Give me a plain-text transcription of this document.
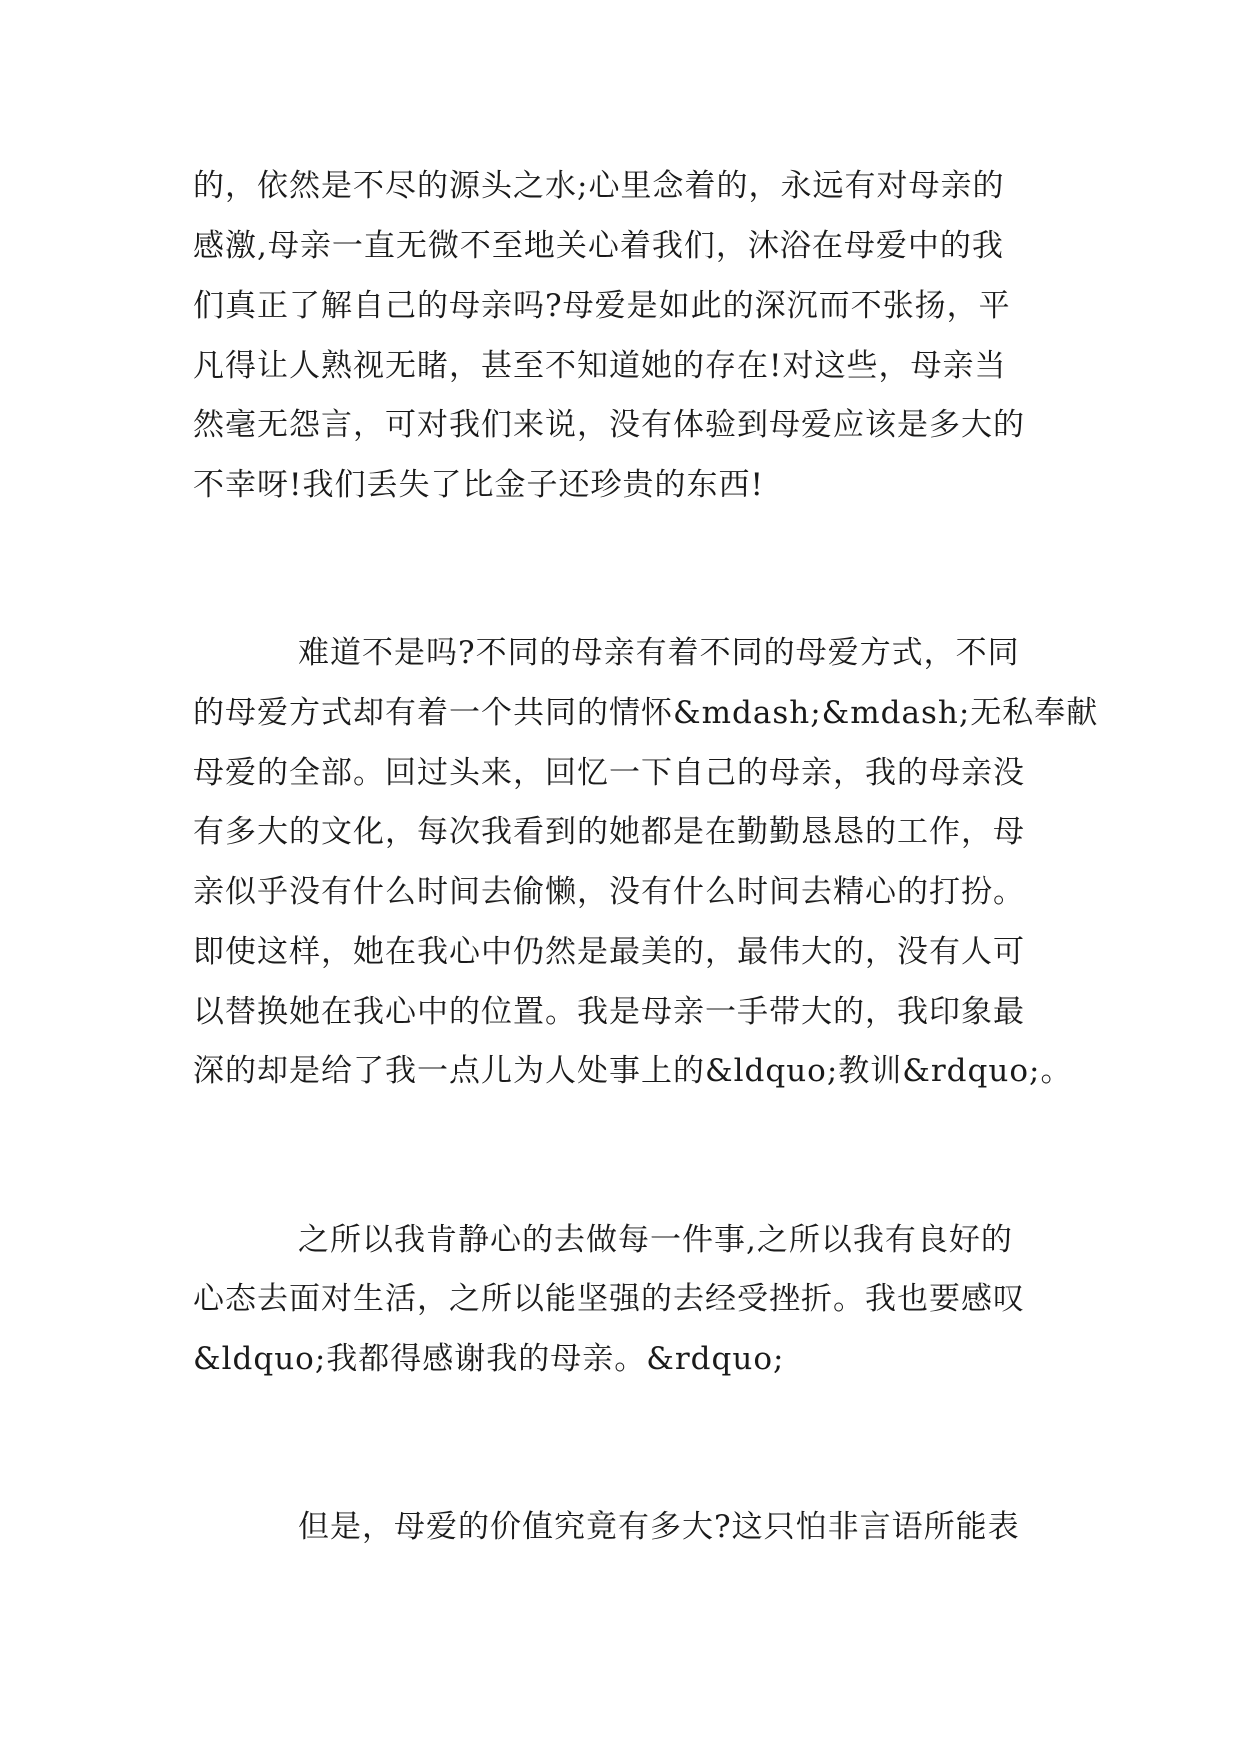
的，依然是不尽的源头之水;心里念着的，永远有对母亲的
感激,母亲一直无微不至地关心着我们，沐浴在母爱中的我
们真正了解自己的母亲吗?母爱是如此的深沉而不张扬，平
凡得让人熟视无睹，甚至不知道她的存在!对这些，母亲当
然毫无怨言，可对我们来说，没有体验到母爱应该是多大的
不幸呀!我们丢失了比金子还珍贵的东西!
难道不是吗?不同的母亲有着不同的母爱方式，不同
的母爱方式却有着一个共同的情怀&mdash;&mdash;无私奉献
母爱的全部。回过头来，回忆一下自己的母亲，我的母亲没
有多大的文化，每次我看到的她都是在勤勤恳恳的工作，母
亲似乎没有什么时间去偷懒，没有什么时间去精心的打扮。
即使这样，她在我心中仍然是最美的，最伟大的，没有人可
以替换她在我心中的位置。我是母亲一手带大的，我印象最
深的却是给了我一点儿为人处事上的&ldquo;教训&rdquo;。
之所以我肯静心的去做每一件事,之所以我有良好的
心态去面对生活，之所以能坚强的去经受挫折。我也要感叹
&ldquo;我都得感谢我的母亲。&rdquo;
但是，母爱的价值究竟有多大?这只怕非言语所能表
